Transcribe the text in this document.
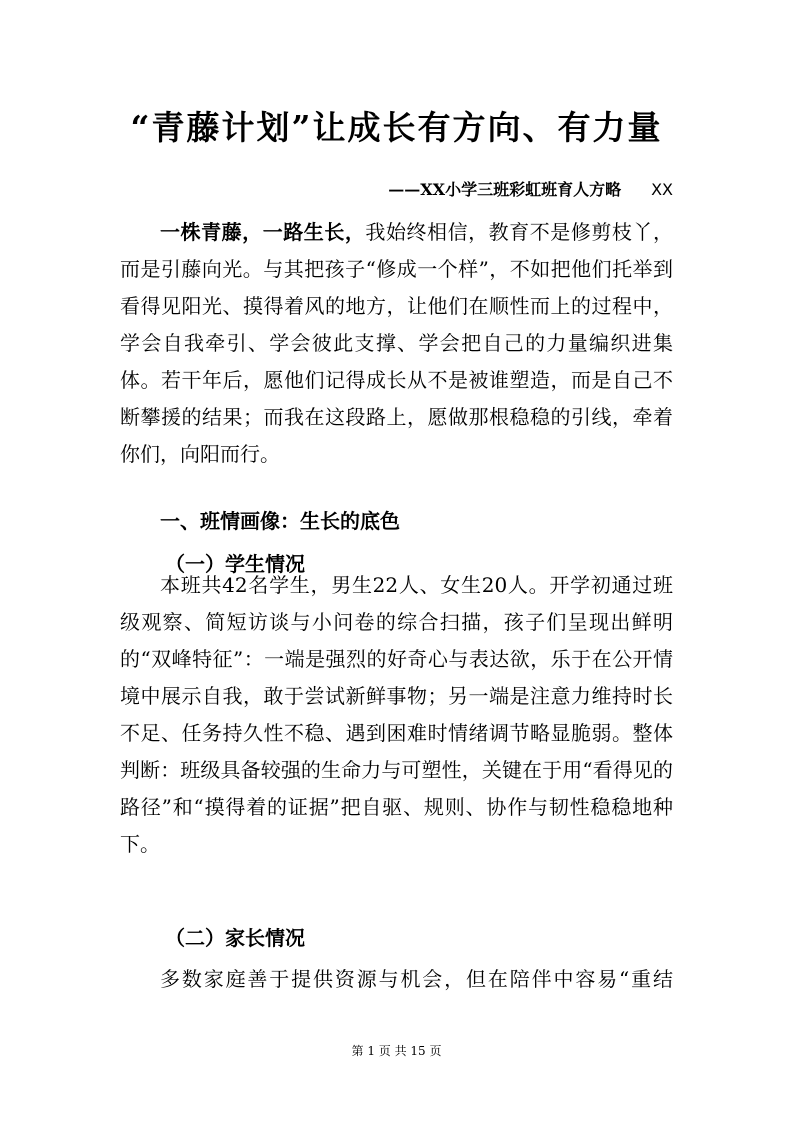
“青藤计划”让成长有方向、有力量
——XX小学三班彩虹班育人方略 XX
一株青藤，一路生长，我始终相信，教育不是修剪枝丫，而是引藤向光。与其把孩子“修成一个样”，不如把他们托举到看得见阳光、摸得着风的地方，让他们在顺性而上的过程中，学会自我牵引、学会彼此支撑、学会把自己的力量编织进集体。若干年后，愿他们记得成长从不是被谁塑造，而是自己不断攀援的结果；而我在这段路上，愿做那根稳稳的引线，牵着你们，向阳而行。
一、班情画像：生长的底色
（一）学生情况
本班共42名学生，男生22人、女生20人。开学初通过班级观察、简短访谈与小问卷的综合扫描，孩子们呈现出鲜明的“双峰特征”：一端是强烈的好奇心与表达欲，乐于在公开情境中展示自我，敢于尝试新鲜事物；另一端是注意力维持时长不足、任务持久性不稳、遇到困难时情绪调节略显脆弱。整体判断：班级具备较强的生命力与可塑性，关键在于用“看得见的路径”和“摸得着的证据”把自驱、规则、协作与韧性稳稳地种下。
（二）家长情况
多数家庭善于提供资源与机会，但在陪伴中容易“重结
第 1 页 共 15 页
